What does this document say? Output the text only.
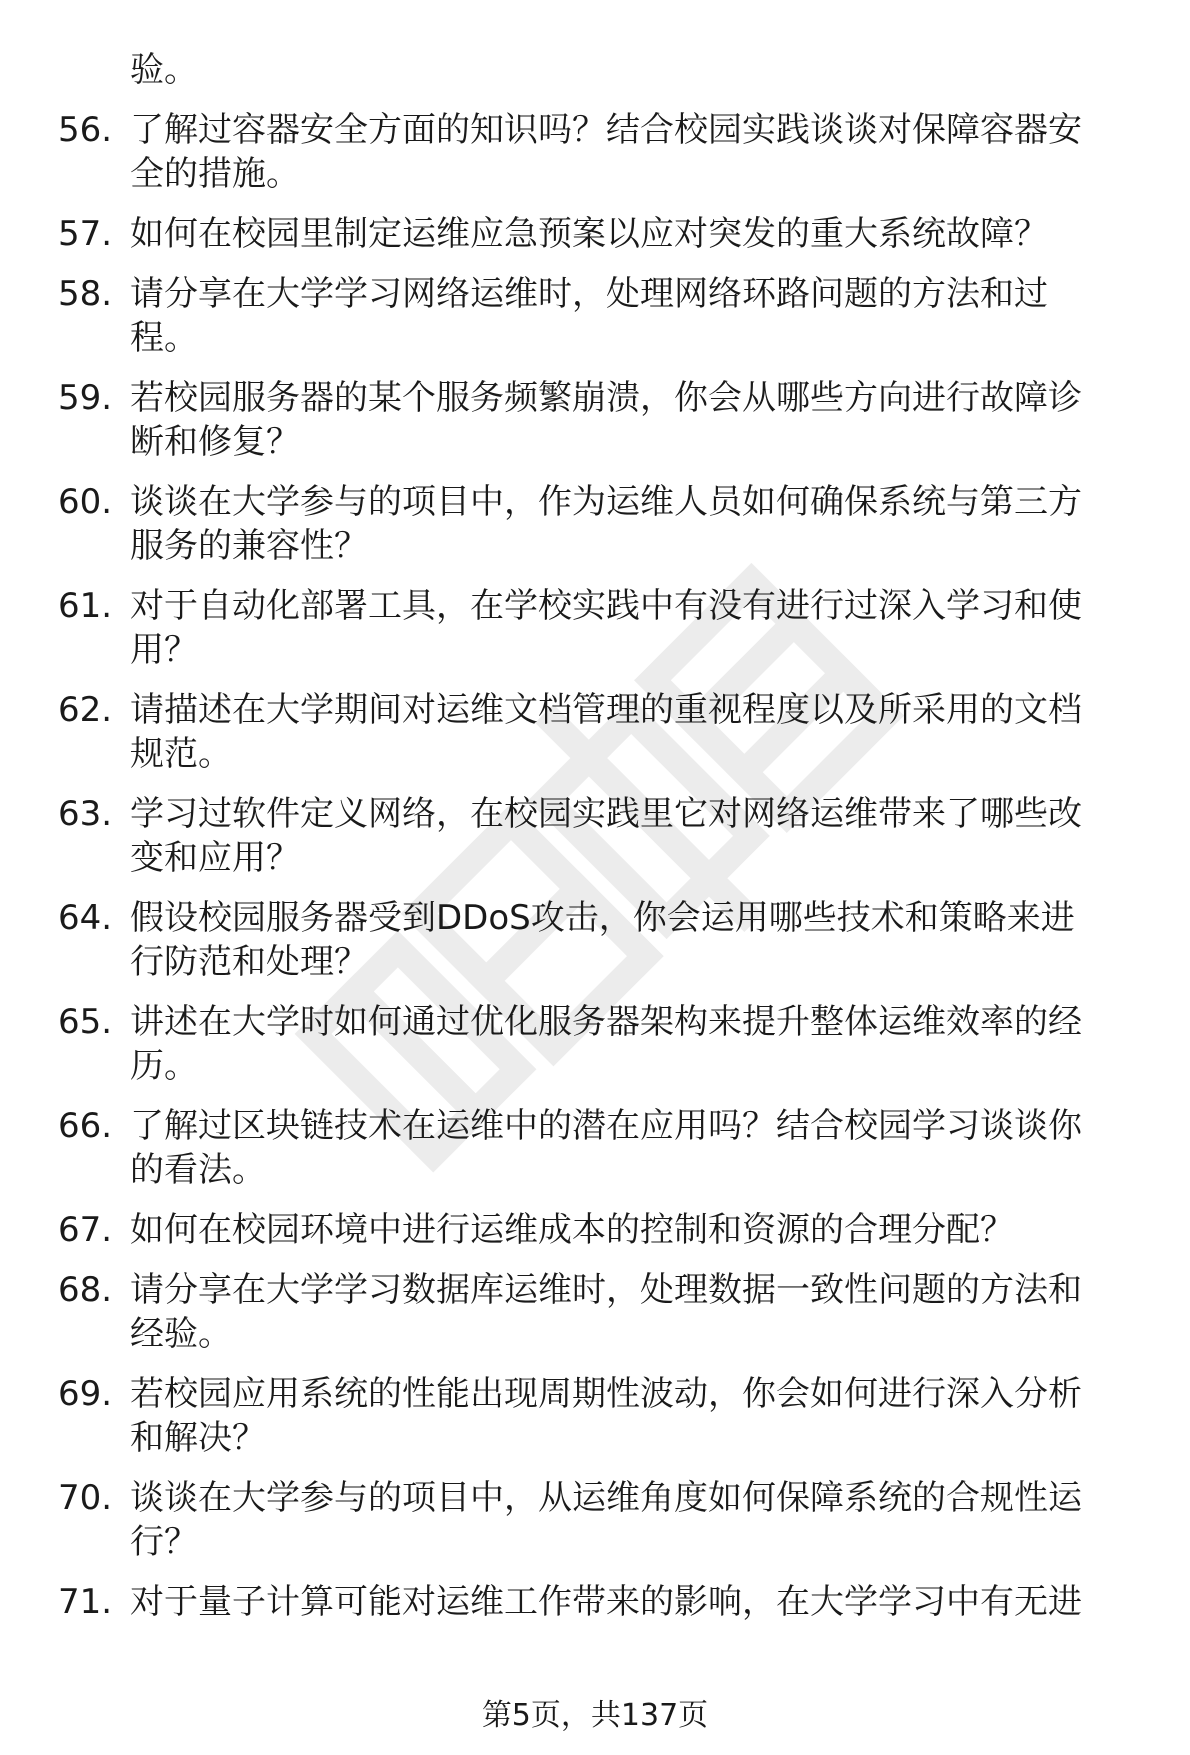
验。
56. 了解过容器安全方面的知识吗？结合校园实践谈谈对保障容器安
全的措施。
57. 如何在校园里制定运维应急预案以应对突发的重大系统故障？
58. 请分享在大学学习网络运维时，处理网络环路问题的方法和过
程。
59. 若校园服务器的某个服务频繁崩溃，你会从哪些方向进行故障诊
断和修复？
60. 谈谈在大学参与的项目中，作为运维人员如何确保系统与第三方
服务的兼容性？
61. 对于自动化部署工具，在学校实践中有没有进行过深入学习和使
用？
62. 请描述在大学期间对运维文档管理的重视程度以及所采用的文档
规范。
63. 学习过软件定义网络，在校园实践里它对网络运维带来了哪些改
变和应用？
64. 假设校园服务器受到DDoS攻击，你会运用哪些技术和策略来进
行防范和处理？
65. 讲述在大学时如何通过优化服务器架构来提升整体运维效率的经
历。
66. 了解过区块链技术在运维中的潜在应用吗？结合校园学习谈谈你
的看法。
67. 如何在校园环境中进行运维成本的控制和资源的合理分配？
68. 请分享在大学学习数据库运维时，处理数据一致性问题的方法和
经验。
69. 若校园应用系统的性能出现周期性波动，你会如何进行深入分析
和解决？
70. 谈谈在大学参与的项目中，从运维角度如何保障系统的合规性运
行？
71. 对于量子计算可能对运维工作带来的影响，在大学学习中有无进
第5页，共137页
